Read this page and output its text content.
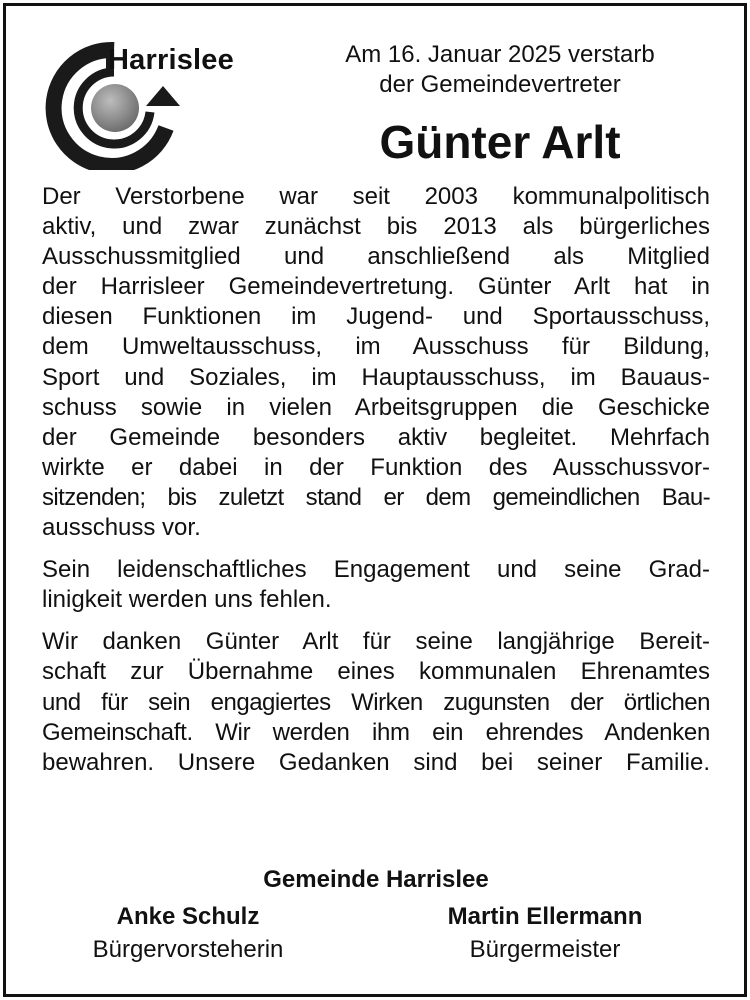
Harrislee	Am 16. Januar 2025 verstarb
der Gemeindevertreter
Günter Arlt

Der Verstorbene war seit 2003 kommunalpolitisch
aktiv, und zwar zunächst bis 2013 als bürgerliches
Ausschussmitglied und anschließend als Mitglied
der Harrisleer Gemeindevertretung. Günter Arlt hat in
diesen Funktionen im Jugend- und Sportausschuss,
dem Umweltausschuss, im Ausschuss für Bildung,
Sport und Soziales, im Hauptausschuss, im Bauaus-
schuss sowie in vielen Arbeitsgruppen die Geschicke
der Gemeinde besonders aktiv begleitet. Mehrfach
wirkte er dabei in der Funktion des Ausschussvor-
sitzenden; bis zuletzt stand er dem gemeindlichen Bau-
ausschuss vor.

Sein leidenschaftliches Engagement und seine Grad-
linigkeit werden uns fehlen.

Wir danken Günter Arlt für seine langjährige Bereit-
schaft zur Übernahme eines kommunalen Ehrenamtes
und für sein engagiertes Wirken zugunsten der örtlichen
Gemeinschaft. Wir werden ihm ein ehrendes Andenken
bewahren. Unsere Gedanken sind bei seiner Familie.

Gemeinde Harrislee
Anke Schulz
Bürgervorsteherin
Martin Ellermann
Bürgermeister
